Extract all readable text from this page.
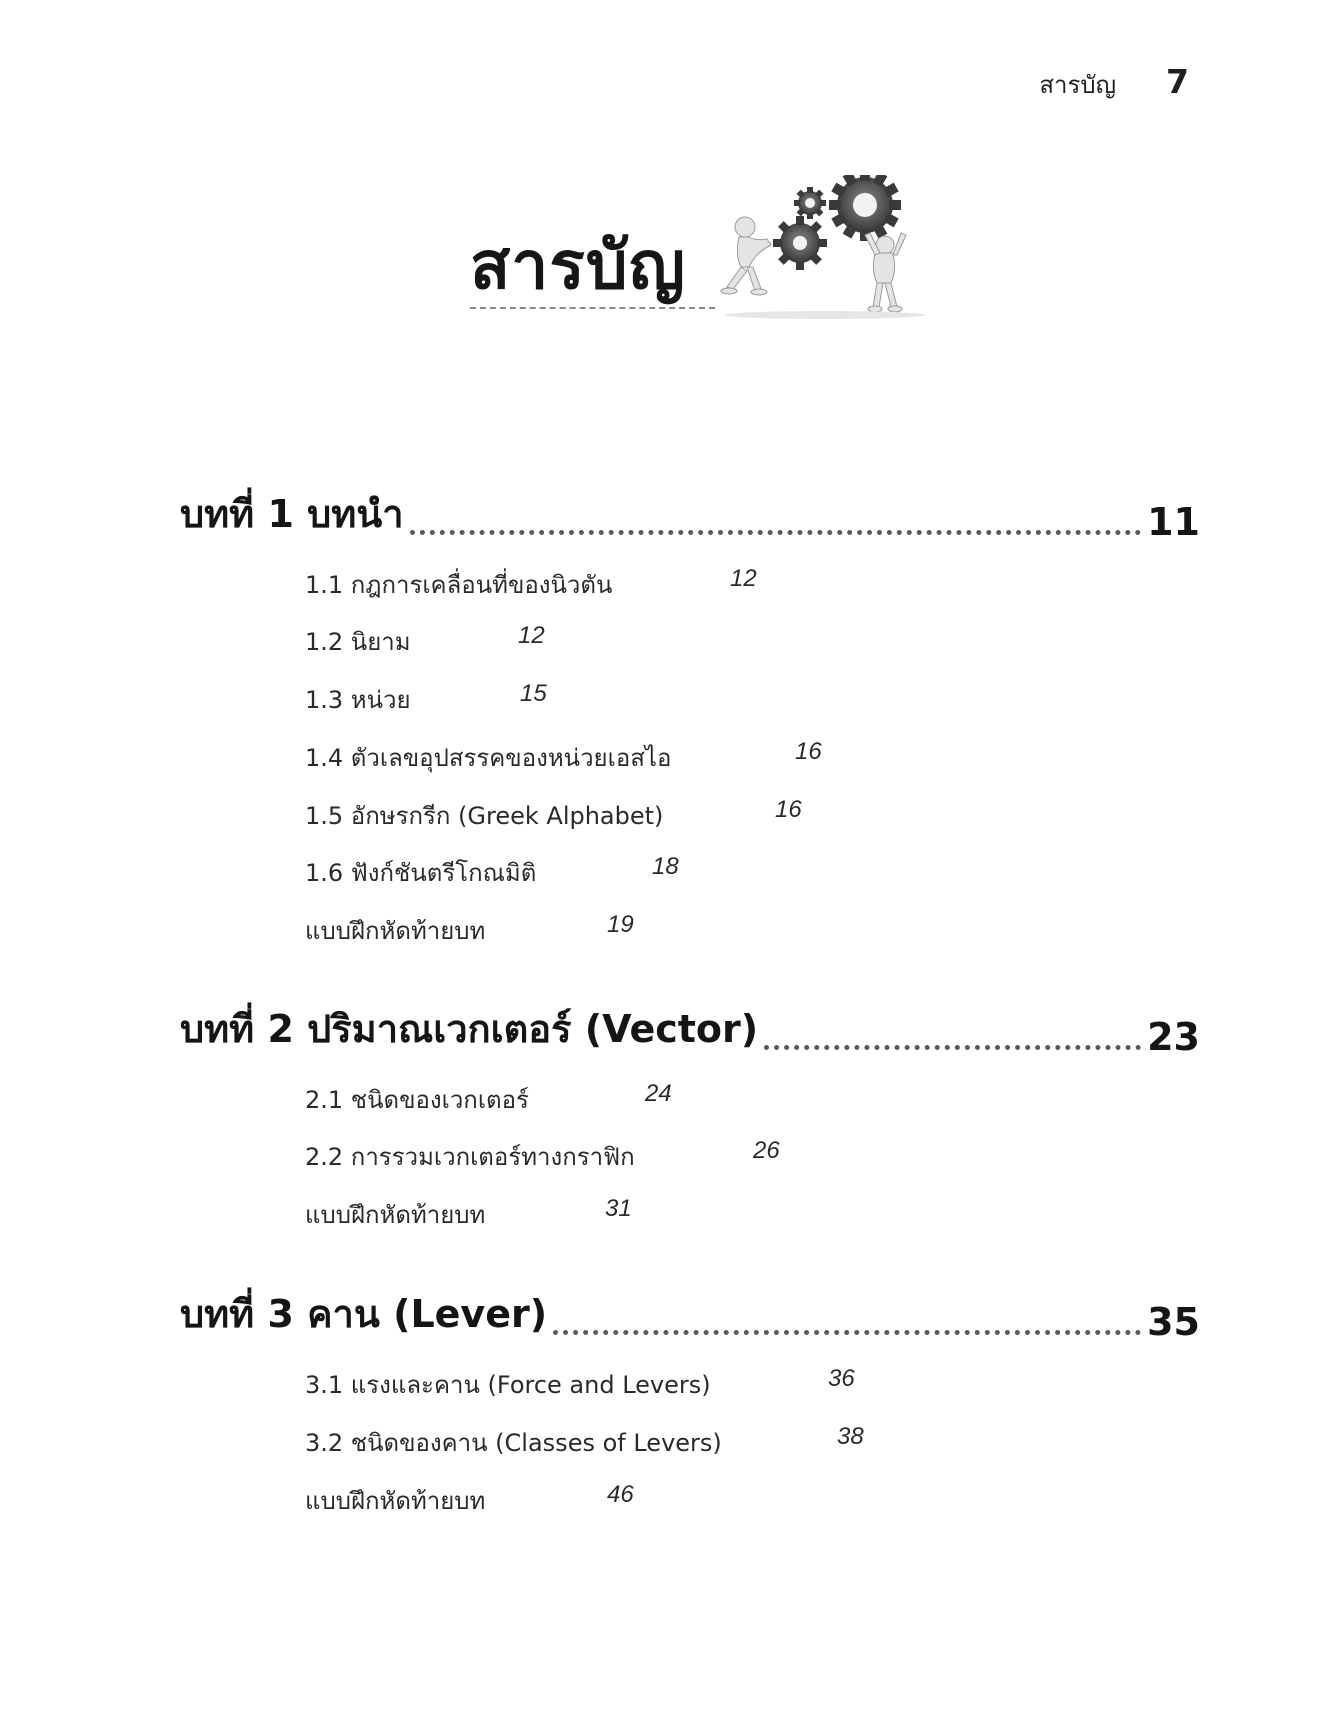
สารบัญ 7
สารบัญ
บทที่ 1 บทนำ	11
1.1 กฎการเคลื่อนที่ของนิวตัน	12
1.2 นิยาม	12
1.3 หน่วย	15
1.4 ตัวเลขอุปสรรคของหน่วยเอสไอ	16
1.5 อักษรกรีก (Greek Alphabet)	16
1.6 ฟังก์ชันตรีโกณมิติ	18
แบบฝึกหัดท้ายบท	19
บทที่ 2 ปริมาณเวกเตอร์ (Vector)	23
2.1 ชนิดของเวกเตอร์	24
2.2 การรวมเวกเตอร์ทางกราฟิก	26
แบบฝึกหัดท้ายบท	31
บทที่ 3 คาน (Lever)	35
3.1 แรงและคาน (Force and Levers)	36
3.2 ชนิดของคาน (Classes of Levers)	38
แบบฝึกหัดท้ายบท	46
